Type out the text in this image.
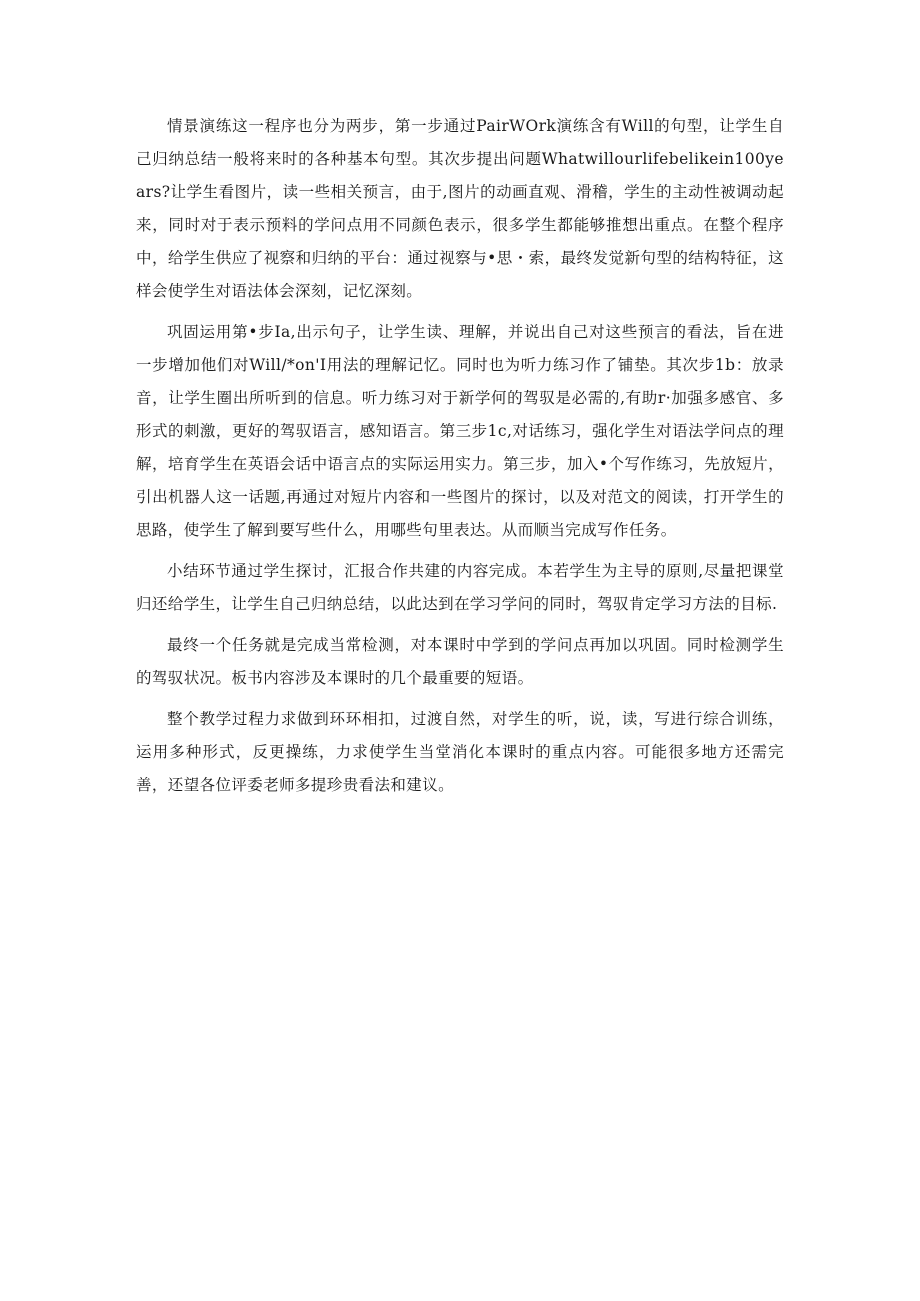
情景演练这一程序也分为两步，第一步通过PairWOrk演练含有Will的句型，让学生自己归纳总结一般将来时的各种基本句型。其次步提出问题Whatwillourlifebelikein100years?让学生看图片，读一些相关预言，由于,图片的动画直观、滑稽，学生的主动性被调动起来，同时对于表示预料的学问点用不同颜色表示，很多学生都能够推想出重点。在整个程序中，给学生供应了视察和归纳的平台：通过视察与•思・索，最终发觉新句型的结构特征，这样会使学生对语法体会深刻，记忆深刻。

巩固运用第•步Ia,出示句子，让学生读、理解，并说出自己对这些预言的看法，旨在进一步增加他们对Will/*on'I用法的理解记忆。同时也为听力练习作了铺垫。其次步1b：放录音，让学生圈出所听到的信息。听力练习对于新学何的驾驭是必需的,有助r·加强多感官、多形式的刺激，更好的驾驭语言，感知语言。第三步1c,对话练习，强化学生对语法学问点的理解，培育学生在英语会话中语言点的实际运用实力。第三步，加入•个写作练习，先放短片，引出机器人这一话题,再通过对短片内容和一些图片的探讨，以及对范文的阅读，打开学生的思路，使学生了解到要写些什么，用哪些句里表达。从而顺当完成写作任务。

小结环节通过学生探讨，汇报合作共建的内容完成。本若学生为主导的原则,尽量把课堂归还给学生，让学生自己归纳总结，以此达到在学习学问的同时，驾驭肯定学习方法的目标.

最终一个任务就是完成当常检测，对本课时中学到的学问点再加以巩固。同时检测学生的驾驭状况。板书内容涉及本课时的几个最重要的短语。

整个教学过程力求做到环环相扣，过渡自然，对学生的听，说，读，写进行综合训练，运用多种形式，反更操练，力求使学生当堂消化本课时的重点内容。可能很多地方还需完善，还望各位评委老师多提珍贵看法和建议。
